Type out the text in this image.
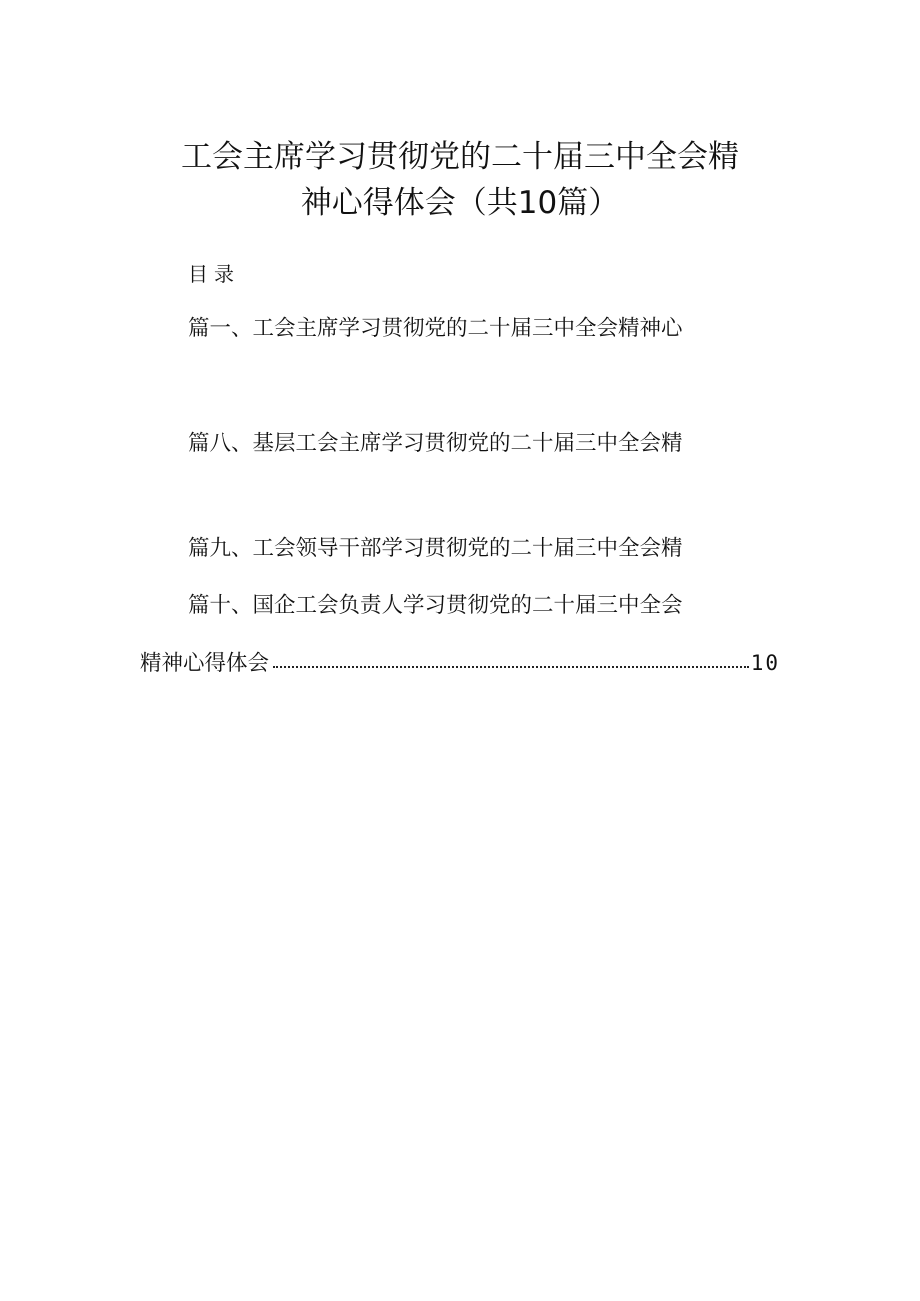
工会主席学习贯彻党的二十届三中全会精
神心得体会（共10篇）
目录
篇一、工会主席学习贯彻党的二十届三中全会精神心
篇八、基层工会主席学习贯彻党的二十届三中全会精
篇九、工会领导干部学习贯彻党的二十届三中全会精
篇十、国企工会负责人学习贯彻党的二十届三中全会
精神心得体会	10
